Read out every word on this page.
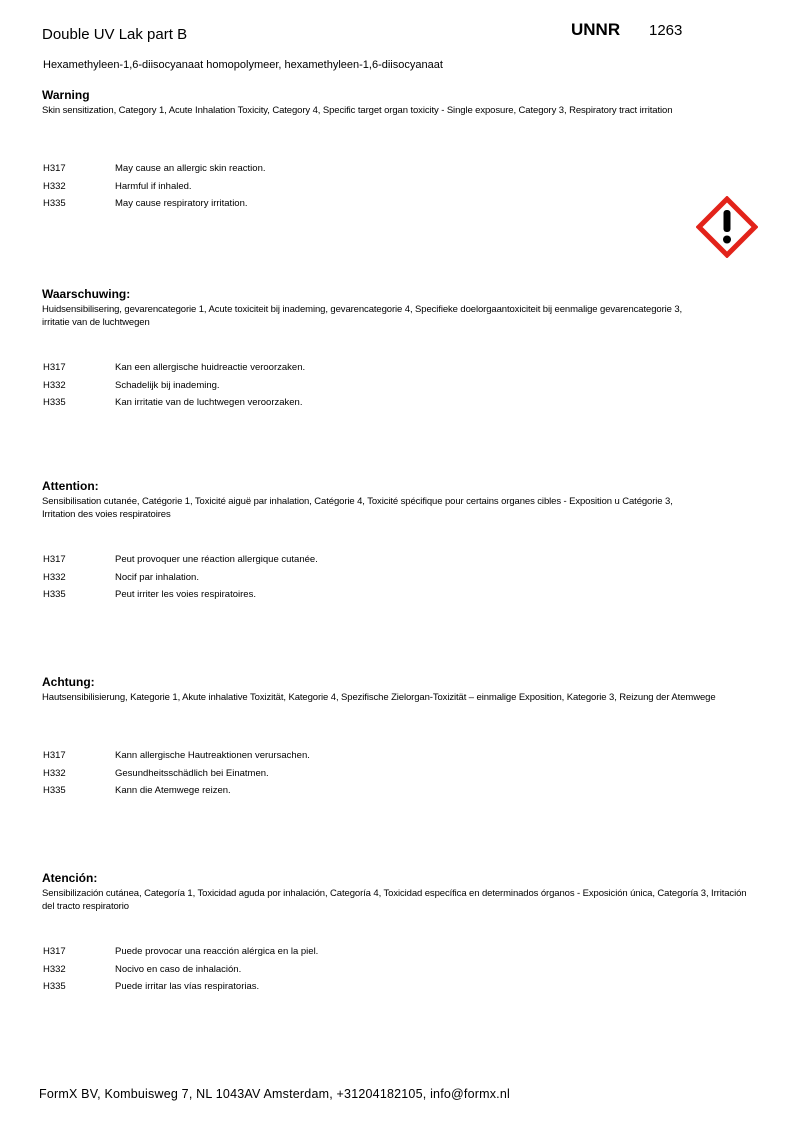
Double UV Lak part B	UNNR 1263
Hexamethyleen-1,6-diisocyanaat homopolymeer, hexamethyleen-1,6-diisocyanaat
Warning
Skin sensitization, Category 1, Acute Inhalation Toxicity, Category 4, Specific target organ toxicity - Single exposure, Category 3, Respiratory tract irritation
H317	May cause an allergic skin reaction.
H332	Harmful if inhaled.
H335	May cause respiratory irritation.
Waarschuwing:
Huidsensibilisering, gevarencategorie 1, Acute toxiciteit bij inademing, gevarencategorie 4, Specifieke doelorgaantoxiciteit bij eenmalige gevarencategorie 3, irritatie van de luchtwegen
H317	Kan een allergische huidreactie veroorzaken.
H332	Schadelijk bij inademing.
H335	Kan irritatie van de luchtwegen veroorzaken.
Attention:
Sensibilisation cutanée, Catégorie 1, Toxicité aiguë par inhalation, Catégorie 4, Toxicité spécifique pour certains organes cibles - Exposition u Catégorie 3, Irritation des voies respiratoires
H317	Peut provoquer une réaction allergique cutanée.
H332	Nocif par inhalation.
H335	Peut irriter les voies respiratoires.
Achtung:
Hautsensibilisierung, Kategorie 1, Akute inhalative Toxizität, Kategorie 4, Spezifische Zielorgan-Toxizität – einmalige Exposition, Kategorie 3, Reizung der Atemwege
H317	Kann allergische Hautreaktionen verursachen.
H332	Gesundheitsschädlich bei Einatmen.
H335	Kann die Atemwege reizen.
Atención:
Sensibilización cutánea, Categoría 1, Toxicidad aguda por inhalación, Categoría 4, Toxicidad específica en determinados órganos - Exposición única, Categoría 3, Irritación del tracto respiratorio
H317	Puede provocar una reacción alérgica en la piel.
H332	Nocivo en caso de inhalación.
H335	Puede irritar las vías respiratorias.
FormX BV, Kombuisweg 7, NL 1043AV Amsterdam, +31204182105, info@formx.nl
